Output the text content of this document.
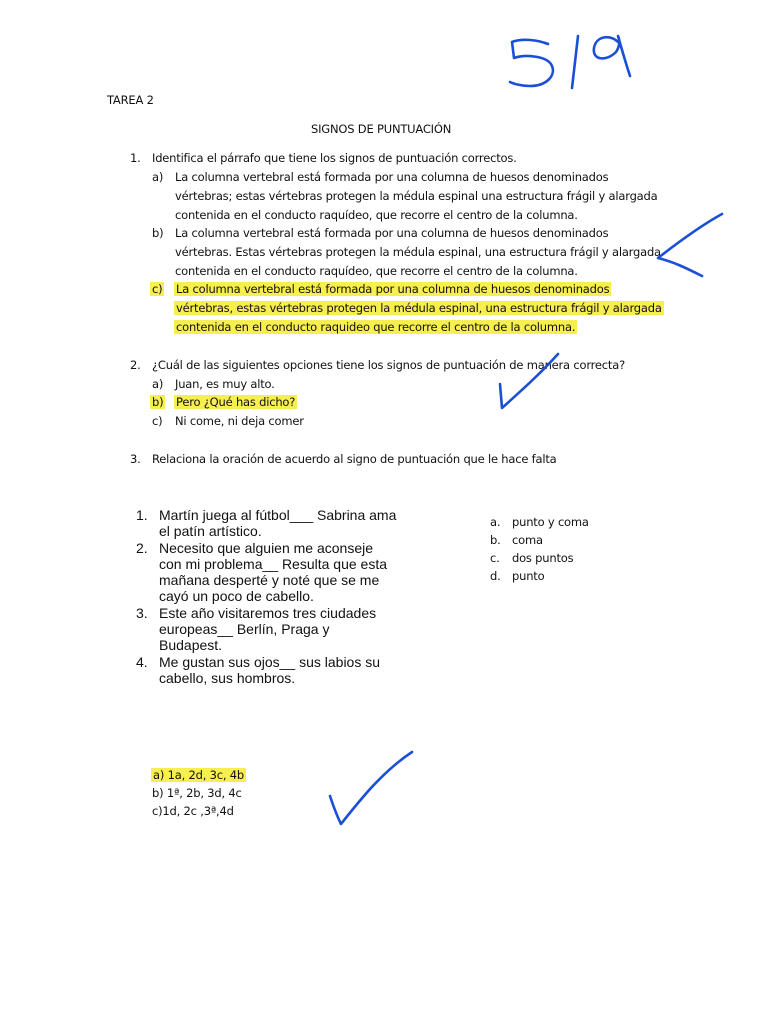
TAREA 2
SIGNOS DE PUNTUACIÓN
1. Identifica el párrafo que tiene los signos de puntuación correctos.
a) La columna vertebral está formada por una columna de huesos denominados
vértebras; estas vértebras protegen la médula espinal una estructura frágil y alargada
contenida en el conducto raquídeo, que recorre el centro de la columna.
b) La columna vertebral está formada por una columna de huesos denominados
vértebras. Estas vértebras protegen la médula espinal, una estructura frágil y alargada
contenida en el conducto raquídeo, que recorre el centro de la columna.
c) La columna vertebral está formada por una columna de huesos denominados
vértebras, estas vértebras protegen la médula espinal, una estructura frágil y alargada
contenida en el conducto raquideo que recorre el centro de la columna.
2. ¿Cuál de las siguientes opciones tiene los signos de puntuación de manera correcta?
a) Juan, es muy alto.
b) Pero ¿Qué has dicho?
c) Ni come, ni deja comer
3. Relaciona la oración de acuerdo al signo de puntuación que le hace falta
1. Martín juega al fútbol___ Sabrina ama
el patín artístico.
2. Necesito que alguien me aconseje
con mi problema__ Resulta que esta
mañana desperté y noté que se me
cayó un poco de cabello.
3. Este año visitaremos tres ciudades
europeas__ Berlín, Praga y
Budapest.
4. Me gustan sus ojos__ sus labios su
cabello, sus hombros.
a. punto y coma
b. coma
c. dos puntos
d. punto
a) 1a, 2d, 3c, 4b
b) 1ª, 2b, 3d, 4c
c)1d, 2c ,3ª,4d
